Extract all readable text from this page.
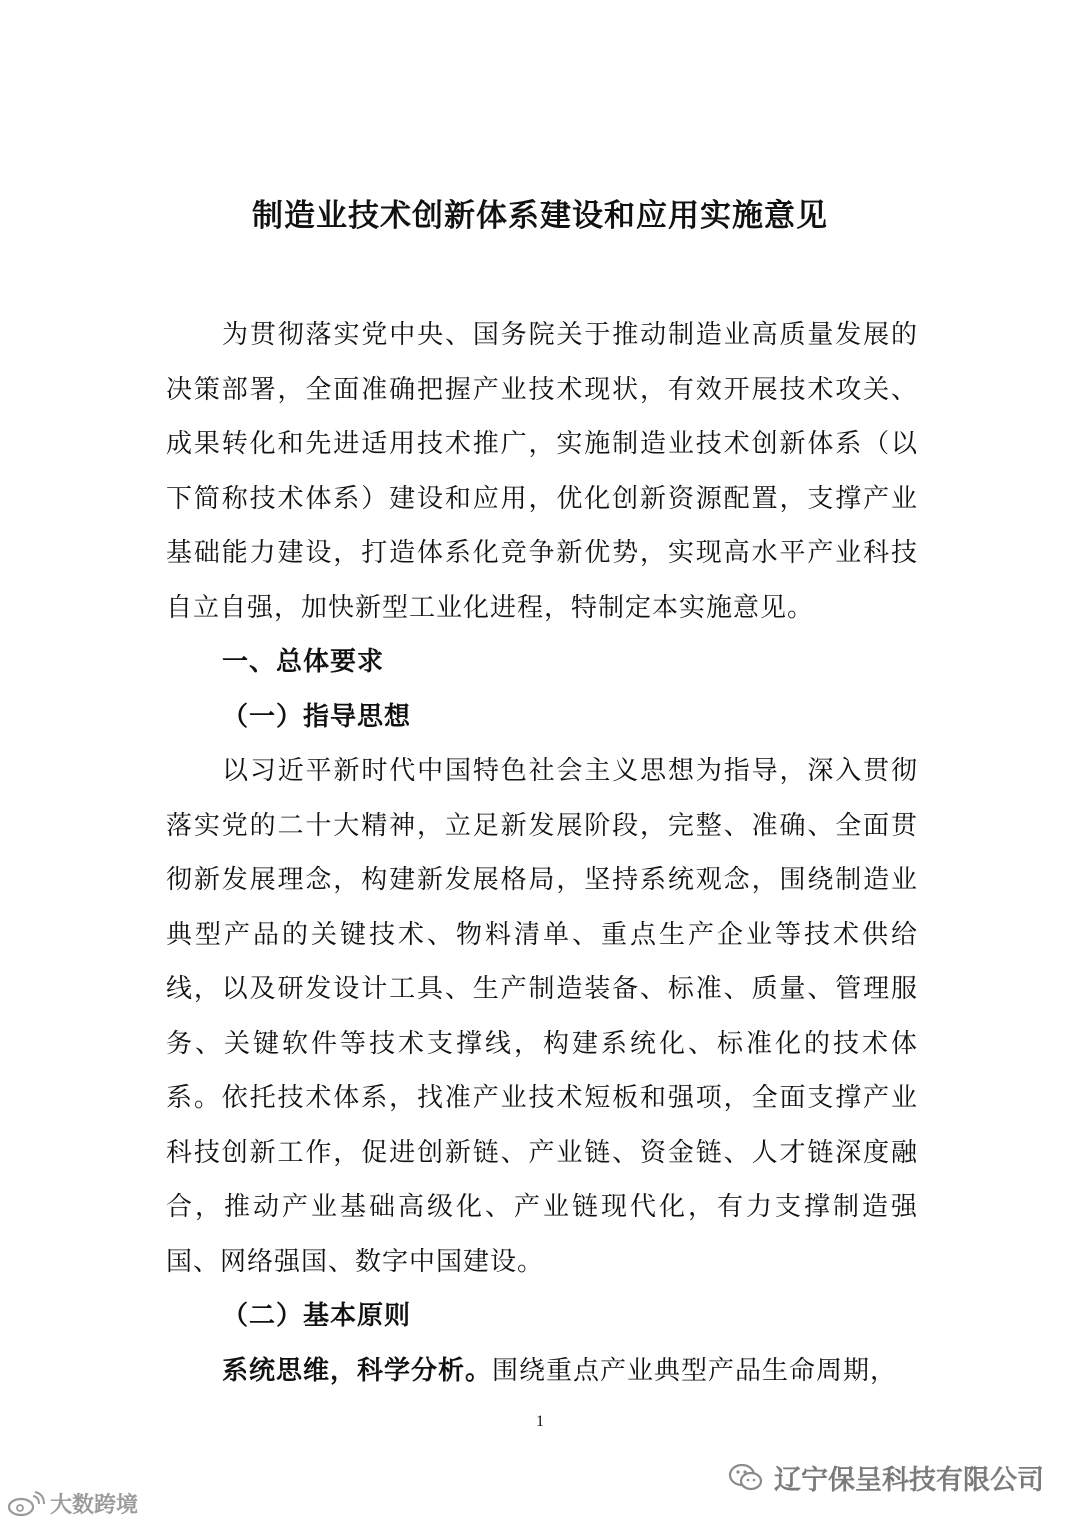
制造业技术创新体系建设和应用实施意见

为贯彻落实党中央、国务院关于推动制造业高质量发展的决策部署，全面准确把握产业技术现状，有效开展技术攻关、成果转化和先进适用技术推广，实施制造业技术创新体系（以下简称技术体系）建设和应用，优化创新资源配置，支撑产业基础能力建设，打造体系化竞争新优势，实现高水平产业科技自立自强，加快新型工业化进程，特制定本实施意见。

一、总体要求

（一）指导思想

以习近平新时代中国特色社会主义思想为指导，深入贯彻落实党的二十大精神，立足新发展阶段，完整、准确、全面贯彻新发展理念，构建新发展格局，坚持系统观念，围绕制造业典型产品的关键技术、物料清单、重点生产企业等技术供给线，以及研发设计工具、生产制造装备、标准、质量、管理服务、关键软件等技术支撑线，构建系统化、标准化的技术体系。依托技术体系，找准产业技术短板和强项，全面支撑产业科技创新工作，促进创新链、产业链、资金链、人才链深度融合，推动产业基础高级化、产业链现代化，有力支撑制造强国、网络强国、数字中国建设。

（二）基本原则

系统思维，科学分析。围绕重点产业典型产品生命周期，

1
辽宁保呈科技有限公司
大数跨境
